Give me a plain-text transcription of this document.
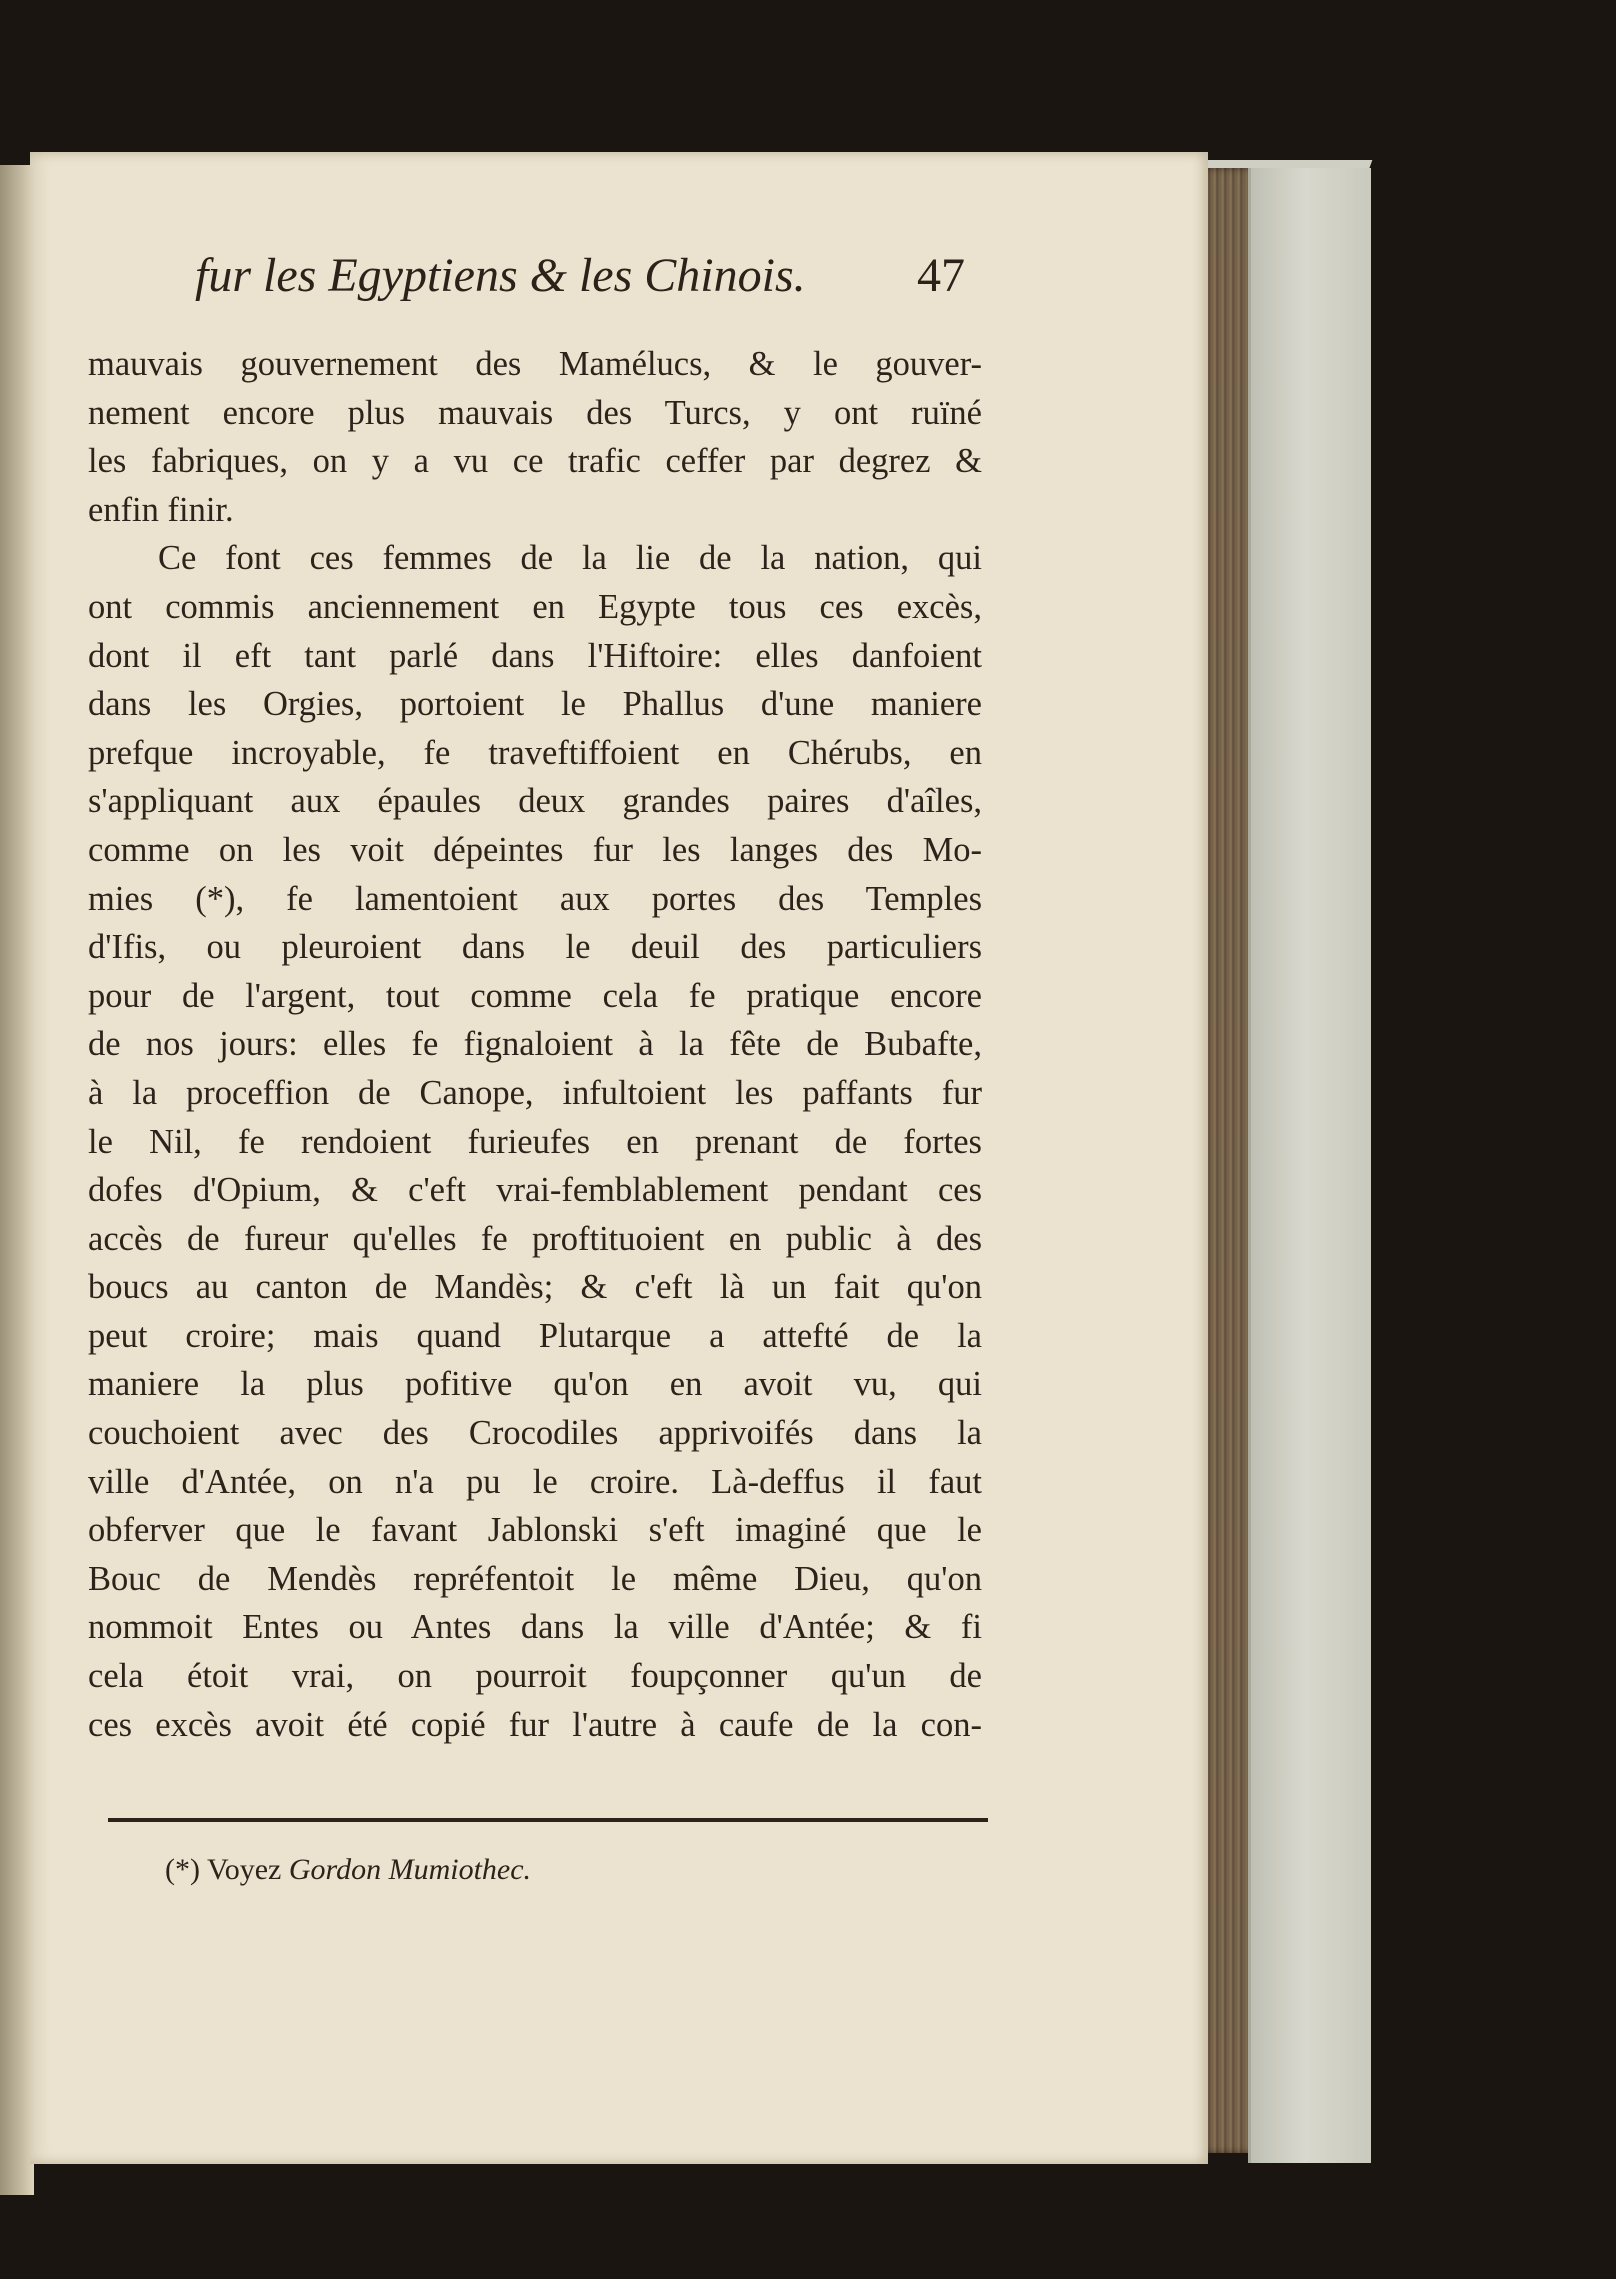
fur les Egyptiens & les Chinois. 47
mauvais gouvernement des Mamélucs, & le gouver-
nement encore plus mauvais des Turcs, y ont ruïné
les fabriques, on y a vu ce trafic ceffer par degrez &
enfin finir.
Ce font ces femmes de la lie de la nation, qui
ont commis anciennement en Egypte tous ces excès,
dont il eft tant parlé dans l'Hiftoire: elles danfoient
dans les Orgies, portoient le Phallus d'une maniere
prefque incroyable, fe traveftiffoient en Chérubs, en
s'appliquant aux épaules deux grandes paires d'aîles,
comme on les voit dépeintes fur les langes des Mo-
mies (*), fe lamentoient aux portes des Temples
d'Ifis, ou pleuroient dans le deuil des particuliers
pour de l'argent, tout comme cela fe pratique encore
de nos jours: elles fe fignaloient à la fête de Bubafte,
à la proceffion de Canope, infultoient les paffants fur
le Nil, fe rendoient furieufes en prenant de fortes
dofes d'Opium, & c'eft vrai-femblablement pendant ces
accès de fureur qu'elles fe proftituoient en public à des
boucs au canton de Mandès; & c'eft là un fait qu'on
peut croire; mais quand Plutarque a attefté de la
maniere la plus pofitive qu'on en avoit vu, qui
couchoient avec des Crocodiles apprivoifés dans la
ville d'Antée, on n'a pu le croire. Là-deffus il faut
obferver que le favant Jablonski s'eft imaginé que le
Bouc de Mendès repréfentoit le même Dieu, qu'on
nommoit Entes ou Antes dans la ville d'Antée; & fi
cela étoit vrai, on pourroit foupçonner qu'un de
ces excès avoit été copié fur l'autre à caufe de la con-
(*) Voyez Gordon Mumiothec.
